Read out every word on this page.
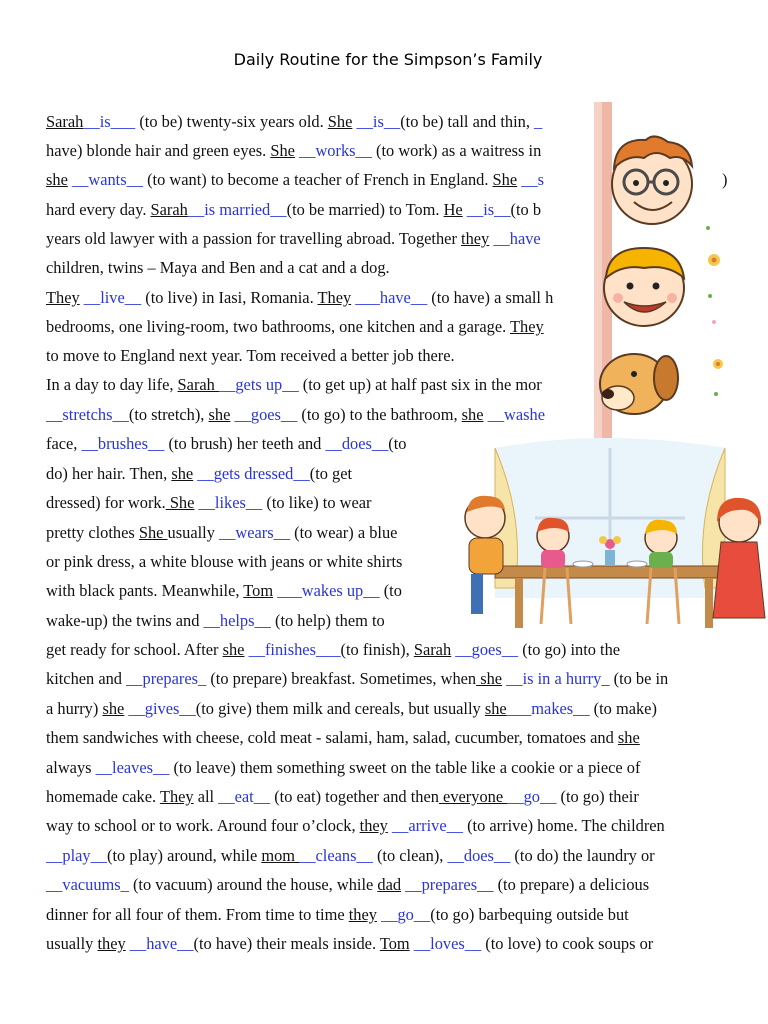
Daily Routine for the Simpson’s Family
Sarah__is___ (to be) twenty-six years old. She __is__(to be) tall and thin, _
have) blonde hair and green eyes. She __works__ (to work) as a waitress in
she __wants__ (to want) to become a teacher of French in England. She __s
hard every day. Sarah__is married__(to be married) to Tom. He __is__(to b
years old lawyer with a passion for travelling abroad. Together they __have
children, twins – Maya and Ben and a cat and a dog.
They __live__ (to live) in Iasi, Romania. They ___have__ (to have) a small h
bedrooms, one living-room, two bathrooms, one kitchen and a garage. They
to move to England next year. Tom received a better job there.
In a day to day life, Sarah __gets up__ (to get up) at half past six in the mor
__stretchs__(to stretch), she __goes__ (to go) to the bathroom, she __washe
face, __brushes__ (to brush) her teeth and __does__(to
do) her hair. Then, she __gets dressed__(to get
dressed) for work. She __likes__ (to like) to wear
pretty clothes She usually __wears__ (to wear) a blue
or pink dress, a white blouse with jeans or white shirts
with black pants. Meanwhile, Tom ___wakes up__ (to
wake-up) the twins and __helps__ (to help) them to
get ready for school. After she __finishes___(to finish), Sarah __goes__ (to go) into the
kitchen and __prepares_ (to prepare) breakfast. Sometimes, when she __is in a hurry_ (to be in
a hurry) she __gives__(to give) them milk and cereals, but usually she___makes__ (to make)
them sandwiches with cheese, cold meat - salami, ham, salad, cucumber, tomatoes and she
always __leaves__ (to leave) them something sweet on the table like a cookie or a piece of
homemade cake. They all __eat__ (to eat) together and then everyone __go__ (to go) their
way to school or to work. Around four o’clock, they __arrive__ (to arrive) home. The children
__play__(to play) around, while mom __cleans__ (to clean), __does__ (to do) the laundry or
__vacuums_ (to vacuum) around the house, while dad __prepares__ (to prepare) a delicious
dinner for all four of them. From time to time they __go__(to go) barbequing outside but
usually they __have__(to have) their meals inside. Tom __loves__ (to love) to cook soups or
)
